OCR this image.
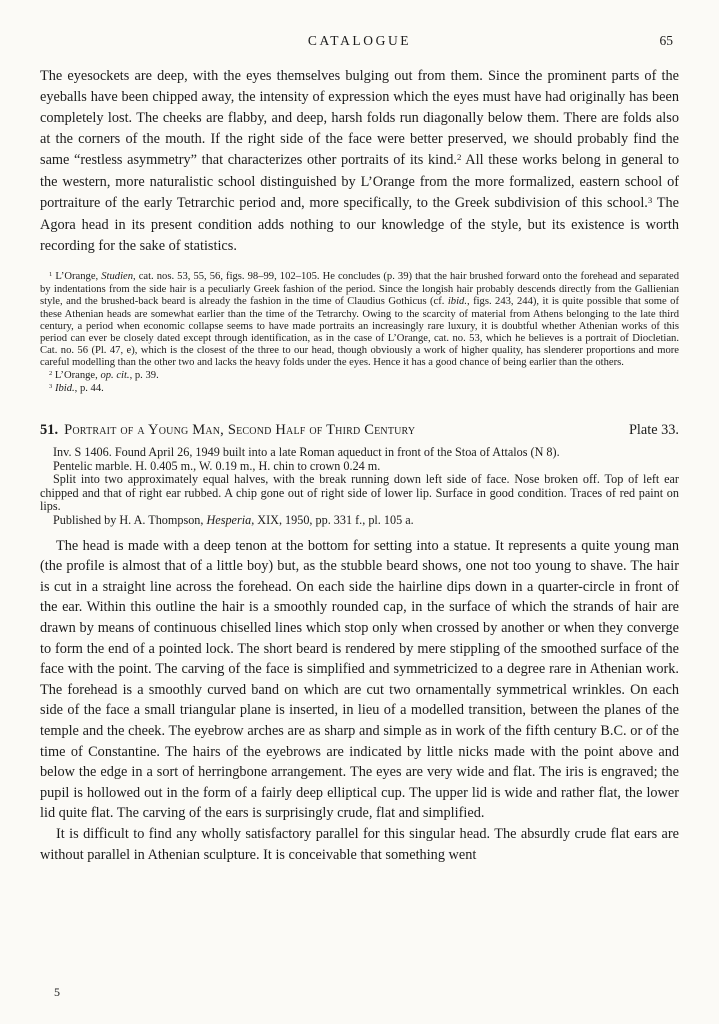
CATALOGUE	65

The eyesockets are deep, with the eyes themselves bulging out from them. Since the prominent parts of the eyeballs have been chipped away, the intensity of expression which the eyes must have had originally has been completely lost. The cheeks are flabby, and deep, harsh folds run diagonally below them. There are folds also at the corners of the mouth. If the right side of the face were better preserved, we should probably find the same “restless asymmetry” that characterizes other portraits of its kind.$^2$ All these works belong in general to the western, more naturalistic school distinguished by L’Orange from the more formalized, eastern school of portraiture of the early Tetrarchic period and, more specifically, to the Greek subdivision of this school.$^3$ The Agora head in its present condition adds nothing to our knowledge of the style, but its existence is worth recording for the sake of statistics.

$^1$ L’Orange, Studien, cat. nos. 53, 55, 56, figs. 98–99, 102–105. He concludes (p. 39) that the hair brushed forward onto the forehead and separated by indentations from the side hair is a peculiarly Greek fashion of the period. Since the longish hair probably descends directly from the Gallienian style, and the brushed-back beard is already the fashion in the time of Claudius Gothicus (cf. ibid., figs. 243, 244), it is quite possible that some of these Athenian heads are somewhat earlier than the time of the Tetrarchy. Owing to the scarcity of material from Athens belonging to the late third century, a period when economic collapse seems to have made portraits an increasingly rare luxury, it is doubtful whether Athenian works of this period can ever be closely dated except through identification, as in the case of L’Orange, cat. no. 53, which he believes is a portrait of Diocletian. Cat. no. 56 (Pl. 47, e), which is the closest of the three to our head, though obviously a work of higher quality, has slenderer proportions and more careful modelling than the other two and lacks the heavy folds under the eyes. Hence it has a good chance of being earlier than the others.

$^2$ L’Orange, op. cit., p. 39.

$^3$ Ibid., p. 44.

51. Portrait of a Young Man, Second Half of Third Century	Plate 33.

Inv. S 1406. Found April 26, 1949 built into a late Roman aqueduct in front of the Stoa of Attalos (N 8).

Pentelic marble. H. 0.405 m., W. 0.19 m., H. chin to crown 0.24 m.

Split into two approximately equal halves, with the break running down left side of face. Nose broken off. Top of left ear chipped and that of right ear rubbed. A chip gone out of right side of lower lip. Surface in good condition. Traces of red paint on lips.

Published by H. A. Thompson, Hesperia, XIX, 1950, pp. 331 f., pl. 105 a.

The head is made with a deep tenon at the bottom for setting into a statue. It represents a quite young man (the profile is almost that of a little boy) but, as the stubble beard shows, one not too young to shave. The hair is cut in a straight line across the forehead. On each side the hairline dips down in a quarter-circle in front of the ear. Within this outline the hair is a smoothly rounded cap, in the surface of which the strands of hair are drawn by means of continuous chiselled lines which stop only when crossed by another or when they converge to form the end of a pointed lock. The short beard is rendered by mere stippling of the smoothed surface of the face with the point. The carving of the face is simplified and symmetricized to a degree rare in Athenian work. The forehead is a smoothly curved band on which are cut two ornamentally symmetrical wrinkles. On each side of the face a small triangular plane is inserted, in lieu of a modelled transition, between the planes of the temple and the cheek. The eyebrow arches are as sharp and simple as in work of the fifth century B.C. or of the time of Constantine. The hairs of the eyebrows are indicated by little nicks made with the point above and below the edge in a sort of herringbone arrangement. The eyes are very wide and flat. The iris is engraved; the pupil is hollowed out in the form of a fairly deep elliptical cup. The upper lid is wide and rather flat, the lower lid quite flat. The carving of the ears is surprisingly crude, flat and simplified.

It is difficult to find any wholly satisfactory parallel for this singular head. The absurdly crude flat ears are without parallel in Athenian sculpture. It is conceivable that something went

5
